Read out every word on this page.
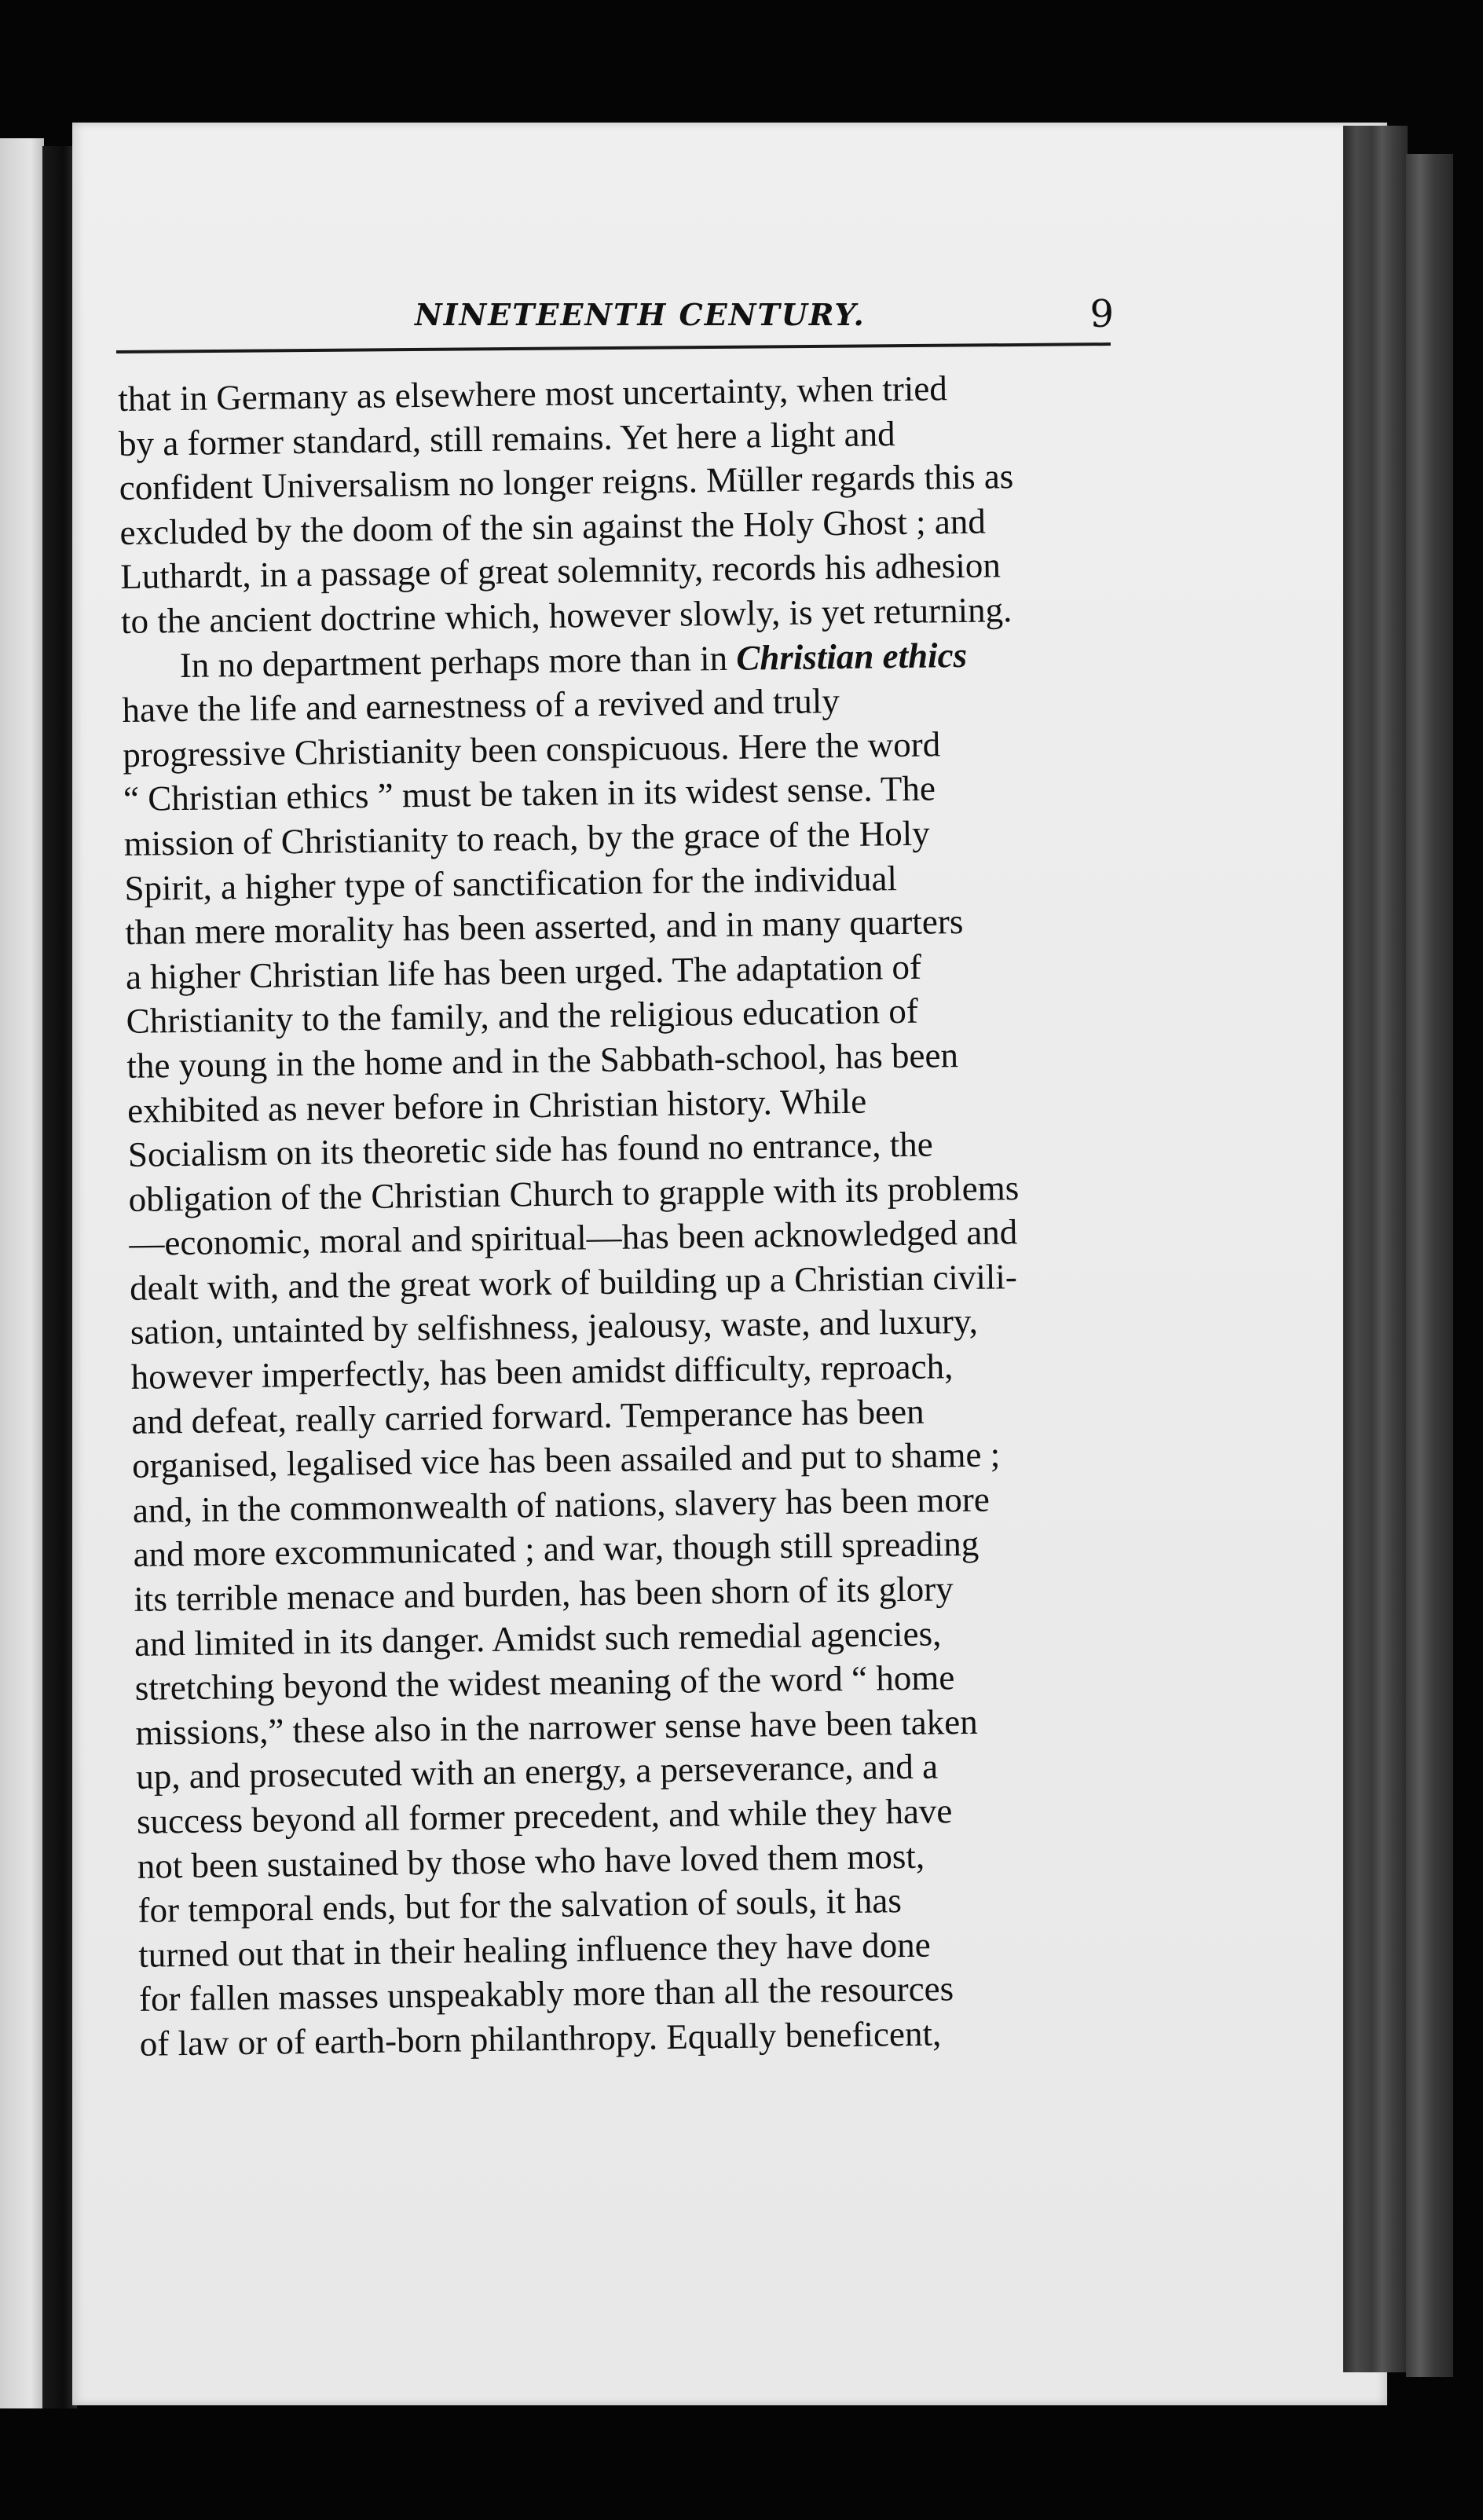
NINETEENTH CENTURY.	9
that in Germany as elsewhere most uncertainty, when tried
by a former standard, still remains. Yet here a light and
confident Universalism no longer reigns. Müller regards this as
excluded by the doom of the sin against the Holy Ghost ; and
Luthardt, in a passage of great solemnity, records his adhesion
to the ancient doctrine which, however slowly, is yet returning.
In no department perhaps more than in Christian ethics
have the life and earnestness of a revived and truly
progressive Christianity been conspicuous. Here the word
“ Christian ethics ” must be taken in its widest sense. The
mission of Christianity to reach, by the grace of the Holy
Spirit, a higher type of sanctification for the individual
than mere morality has been asserted, and in many quarters
a higher Christian life has been urged. The adaptation of
Christianity to the family, and the religious education of
the young in the home and in the Sabbath-school, has been
exhibited as never before in Christian history. While
Socialism on its theoretic side has found no entrance, the
obligation of the Christian Church to grapple with its problems
—economic, moral and spiritual—has been acknowledged and
dealt with, and the great work of building up a Christian civili-
sation, untainted by selfishness, jealousy, waste, and luxury,
however imperfectly, has been amidst difficulty, reproach,
and defeat, really carried forward. Temperance has been
organised, legalised vice has been assailed and put to shame ;
and, in the commonwealth of nations, slavery has been more
and more excommunicated ; and war, though still spreading
its terrible menace and burden, has been shorn of its glory
and limited in its danger. Amidst such remedial agencies,
stretching beyond the widest meaning of the word “ home
missions,” these also in the narrower sense have been taken
up, and prosecuted with an energy, a perseverance, and a
success beyond all former precedent, and while they have
not been sustained by those who have loved them most,
for temporal ends, but for the salvation of souls, it has
turned out that in their healing influence they have done
for fallen masses unspeakably more than all the resources
of law or of earth-born philanthropy. Equally beneficent,
